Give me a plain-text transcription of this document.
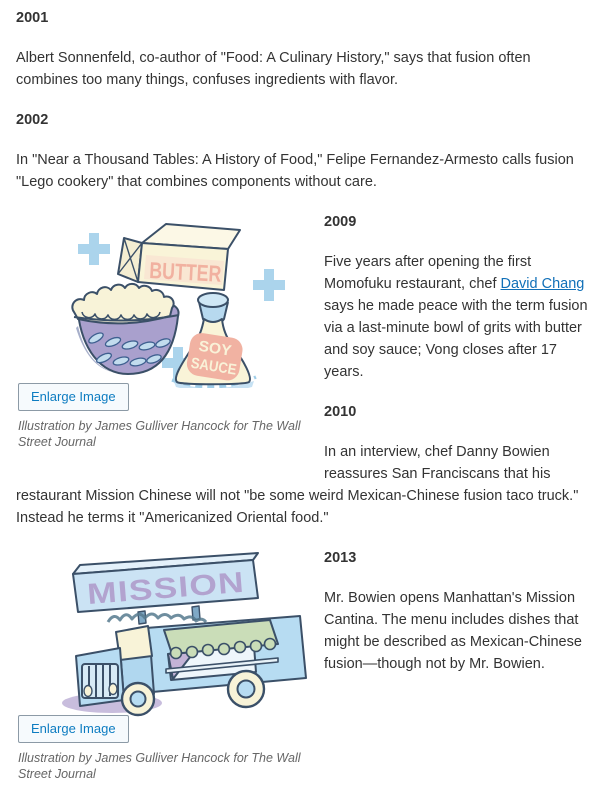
2001

Albert Sonnenfeld, co-author of "Food: A Culinary History," says that fusion often combines too many things, confuses ingredients with flavor.

2002

In "Near a Thousand Tables: A History of Food," Felipe Fernandez-Armesto calls fusion "Lego cookery" that combines components without care.

BUTTER
SOY
SAUCE
Enlarge Image
Illustration by James Gulliver Hancock for The Wall Street Journal
2009

Five years after opening the first Momofuku restaurant, chef David Chang says he made peace with the term fusion via a last-minute bowl of grits with butter and soy sauce; Vong closes after 17 years.

2010

In an interview, chef Danny Bowien reassures San Franciscans that his restaurant Mission Chinese will not "be some weird Mexican-Chinese fusion taco truck." Instead he terms it "Americanized Oriental food."

MISSION
Enlarge Image
Illustration by James Gulliver Hancock for The Wall Street Journal
2013

Mr. Bowien opens Manhattan's Mission Cantina. The menu includes dishes that might be described as Mexican-Chinese fusion—though not by Mr. Bowien.
